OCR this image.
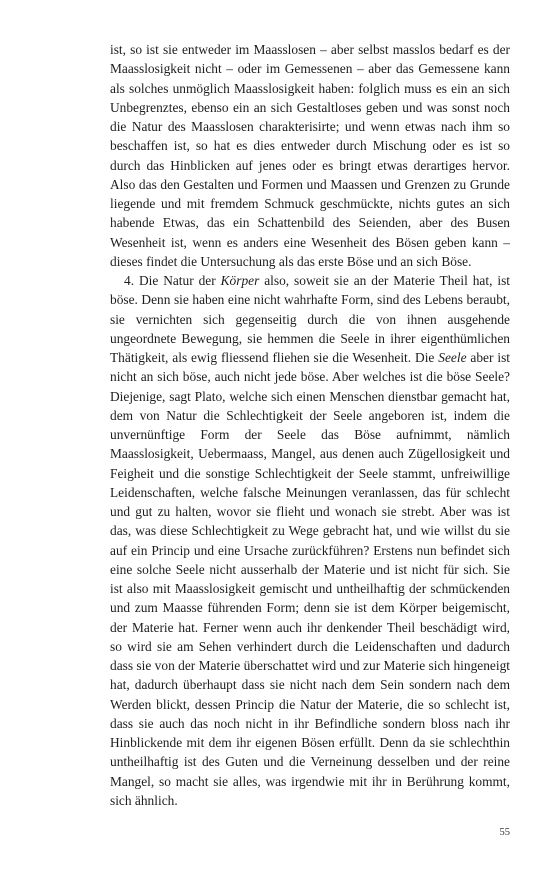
ist, so ist sie entweder im Maasslosen – aber selbst masslos bedarf es der Maasslosigkeit nicht – oder im Gemessenen – aber das Gemessene kann als solches unmöglich Maasslosigkeit haben: folglich muss es ein an sich Unbegrenztes, ebenso ein an sich Gestaltloses geben und was sonst noch die Natur des Maasslosen charakterisirte; und wenn etwas nach ihm so beschaffen ist, so hat es dies entweder durch Mischung oder es ist so durch das Hinblicken auf jenes oder es bringt etwas derartiges hervor. Also das den Gestalten und Formen und Maassen und Grenzen zu Grunde liegende und mit fremdem Schmuck geschmückte, nichts gutes an sich habende Etwas, das ein Schattenbild des Seienden, aber des Busen Wesenheit ist, wenn es anders eine Wesenheit des Bösen geben kann – dieses findet die Untersuchung als das erste Böse und an sich Böse.

4. Die Natur der Körper also, soweit sie an der Materie Theil hat, ist böse. Denn sie haben eine nicht wahrhafte Form, sind des Lebens beraubt, sie vernichten sich gegenseitig durch die von ihnen ausgehende ungeordnete Bewegung, sie hemmen die Seele in ihrer eigenthümlichen Thätigkeit, als ewig fliessend fliehen sie die Wesenheit. Die Seele aber ist nicht an sich böse, auch nicht jede böse. Aber welches ist die böse Seele? Diejenige, sagt Plato, welche sich einen Menschen dienstbar gemacht hat, dem von Natur die Schlechtigkeit der Seele angeboren ist, indem die unvernünftige Form der Seele das Böse aufnimmt, nämlich Maasslosigkeit, Uebermaass, Mangel, aus denen auch Zügellosigkeit und Feigheit und die sonstige Schlechtigkeit der Seele stammt, unfreiwillige Leidenschaften, welche falsche Meinungen veranlassen, das für schlecht und gut zu halten, wovor sie flieht und wonach sie strebt. Aber was ist das, was diese Schlechtigkeit zu Wege gebracht hat, und wie willst du sie auf ein Princip und eine Ursache zurückführen? Erstens nun befindet sich eine solche Seele nicht ausserhalb der Materie und ist nicht für sich. Sie ist also mit Maasslosigkeit gemischt und untheilhaftig der schmückenden und zum Maasse führenden Form; denn sie ist dem Körper beigemischt, der Materie hat. Ferner wenn auch ihr denkender Theil beschädigt wird, so wird sie am Sehen verhindert durch die Leidenschaften und dadurch dass sie von der Materie überschattet wird und zur Materie sich hingeneigt hat, dadurch überhaupt dass sie nicht nach dem Sein sondern nach dem Werden blickt, dessen Princip die Natur der Materie, die so schlecht ist, dass sie auch das noch nicht in ihr Befindliche sondern bloss nach ihr Hinblickende mit dem ihr eigenen Bösen erfüllt. Denn da sie schlechthin untheilhaftig ist des Guten und die Verneinung desselben und der reine Mangel, so macht sie alles, was irgendwie mit ihr in Berührung kommt, sich ähnlich.

55
